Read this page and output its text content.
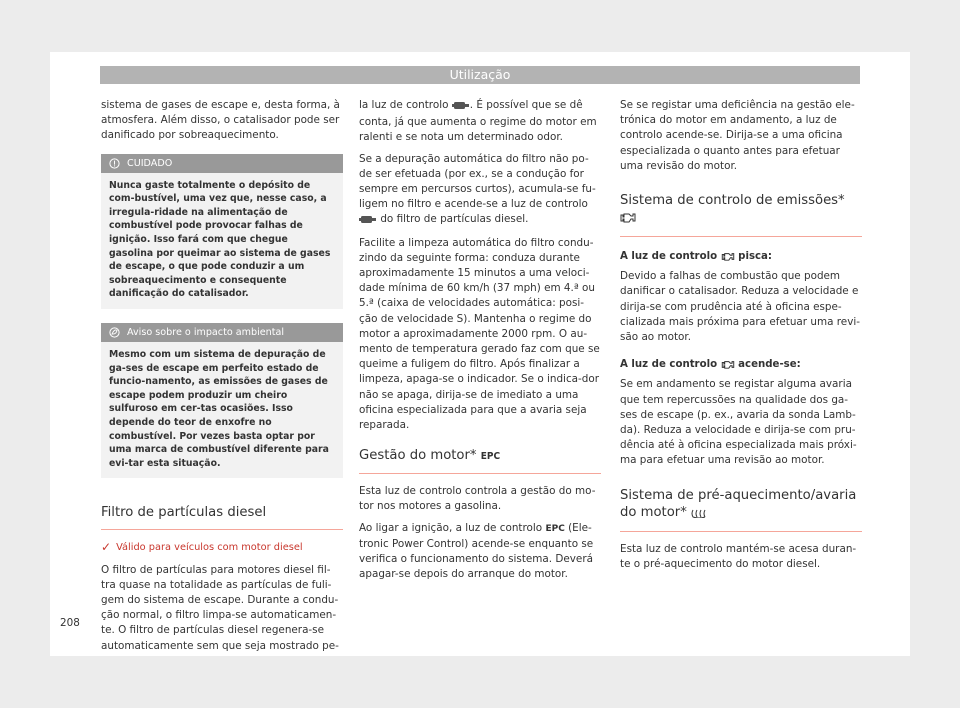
Utilização

sistema de gases de escape e, desta forma, à atmosfera. Além disso, o catalisador pode ser danificado por sobreaquecimento.

CUIDADO
Nunca gaste totalmente o depósito de com-bustível, uma vez que, nesse caso, a irregula-ridade na alimentação de combustível pode provocar falhas de ignição. Isso fará com que chegue gasolina por queimar ao sistema de gases de escape, o que pode conduzir a um sobreaquecimento e consequente danificação do catalisador.
Aviso sobre o impacto ambiental
Mesmo com um sistema de depuração de ga-ses de escape em perfeito estado de funcio-namento, as emissões de gases de escape podem produzir um cheiro sulfuroso em cer-tas ocasiões. Isso depende do teor de enxofre no combustível. Por vezes basta optar por uma marca de combustível diferente para evi-tar esta situação.
Filtro de partículas diesel
✓ Válido para veículos com motor diesel

O filtro de partículas para motores diesel fil-tra quase na totalidade as partículas de fuli-gem do sistema de escape. Durante a condu-ção normal, o filtro limpa-se automaticamen-te. O filtro de partículas diesel regenera-se automaticamente sem que seja mostrado pe-

la luz de controlo . É possível que se dê conta, já que aumenta o regime do motor em ralenti e se nota um determinado odor.

Se a depuração automática do filtro não po-de ser efetuada (por ex., se a condução for sempre em percursos curtos), acumula-se fu-ligem no filtro e acende-se a luz de controlo  do filtro de partículas diesel.

Facilite a limpeza automática do filtro condu-zindo da seguinte forma: conduza durante aproximadamente 15 minutos a uma veloci-dade mínima de 60 km/h (37 mph) em 4.ª ou 5.ª (caixa de velocidades automática: posi-ção de velocidade S). Mantenha o regime do motor a aproximadamente 2000 rpm. O au-mento de temperatura gerado faz com que se queime a fuligem do filtro. Após finalizar a limpeza, apaga-se o indicador. Se o indica-dor não se apaga, dirija-se de imediato a uma oficina especializada para que a avaria seja reparada.

Gestão do motor* EPC

Esta luz de controlo controla a gestão do mo-tor nos motores a gasolina.

Ao ligar a ignição, a luz de controlo EPC (Ele-tronic Power Control) acende-se enquanto se verifica o funcionamento do sistema. Deverá apagar-se depois do arranque do motor.

Se se registar uma deficiência na gestão ele-trónica do motor em andamento, a luz de controlo acende-se. Dirija-se a uma oficina especializada o quanto antes para efetuar uma revisão do motor.

Sistema de controlo de emissões*
A luz de controlo pisca:

Devido a falhas de combustão que podem danificar o catalisador. Reduza a velocidade e dirija-se com prudência até à oficina espe-cializada mais próxima para efetuar uma revi-são ao motor.

A luz de controlo acende-se:

Se em andamento se registar alguma avaria que tem repercussões na qualidade dos ga-ses de escape (p. ex., avaria da sonda Lamb-da). Reduza a velocidade e dirija-se com pru-dência até à oficina especializada mais próxi-ma para efetuar uma revisão ao motor.

Sistema de pré-aquecimento/avaria do motor*

Esta luz de controlo mantém-se acesa duran-te o pré-aquecimento do motor diesel.

208
